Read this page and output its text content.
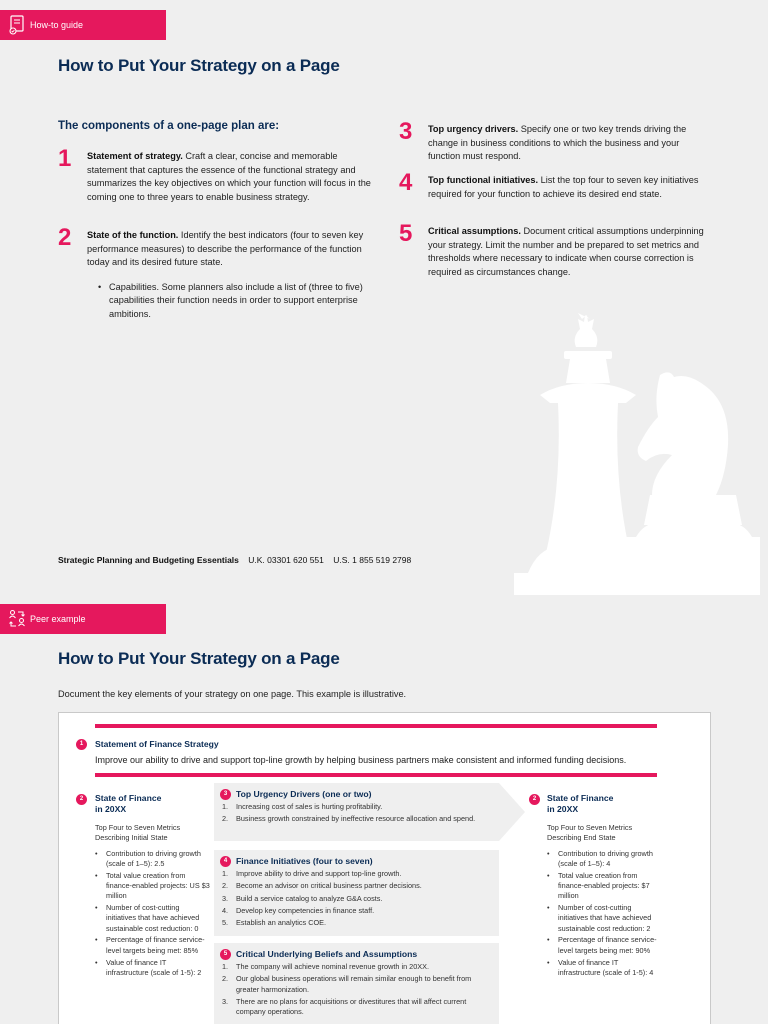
How-to guide
How to Put Your Strategy on a Page
The components of a one-page plan are:
1 Statement of strategy. Craft a clear, concise and memorable statement that captures the essence of the functional strategy and summarizes the key objectives on which your function will focus in the coming one to three years to enable business strategy.
2 State of the function. Identify the best indicators (four to seven key performance measures) to describe the performance of the function today and its desired future state.
• Capabilities. Some planners also include a list of (three to five) capabilities their function needs in order to support enterprise ambitions.
3 Top urgency drivers. Specify one or two key trends driving the change in business conditions to which the business and your function must respond.
4 Top functional initiatives. List the top four to seven key initiatives required for your function to achieve its desired end state.
5 Critical assumptions. Document critical assumptions underpinning your strategy. Limit the number and be prepared to set metrics and thresholds where necessary to indicate when course correction is required as circumstances change.
Strategic Planning and Budgeting Essentials U.K. 03301 620 551 U.S. 1 855 519 2798
Peer example
How to Put Your Strategy on a Page
Document the key elements of your strategy on one page. This example is illustrative.
1	Statement of Finance Strategy
Improve our ability to drive and support top-line growth by helping business partners make consistent and informed funding decisions.
2	State of Finance
in 20XX
Top Four to Seven Metrics
Describing Initial State
• Contribution to driving growth (scale of 1–5): 2.5
• Total value creation from finance-enabled projects: US $3 million
• Number of cost-cutting initiatives that have achieved sustainable cost reduction: 0
• Percentage of finance service-level targets being met: 85%
• Value of finance IT infrastructure (scale of 1-5): 2
3 Top Urgency Drivers (one or two)
1. Increasing cost of sales is hurting profitability.
2. Business growth constrained by ineffective resource allocation and spend.
4 Finance Initiatives (four to seven)
1. Improve ability to drive and support top-line growth.
2. Become an advisor on critical business partner decisions.
3. Build a service catalog to analyze G&A costs.
4. Develop key competencies in finance staff.
5. Establish an analytics COE.
5 Critical Underlying Beliefs and Assumptions
1. The company will achieve nominal revenue growth in 20XX.
2. Our global business operations will remain similar enough to benefit from greater harmonization.
3. There are no plans for acquisitions or divestitures that will affect current company operations.
2	State of Finance
in 20XX
Top Four to Seven Metrics
Describing End State
• Contribution to driving growth (scale of 1–5): 4
• Total value creation from finance-enabled projects: $7 million
• Number of cost-cutting initiatives that have achieved sustainable cost reduction: 2
• Percentage of finance service-level targets being met: 90%
• Value of finance IT infrastructure (scale of 1-5): 4
